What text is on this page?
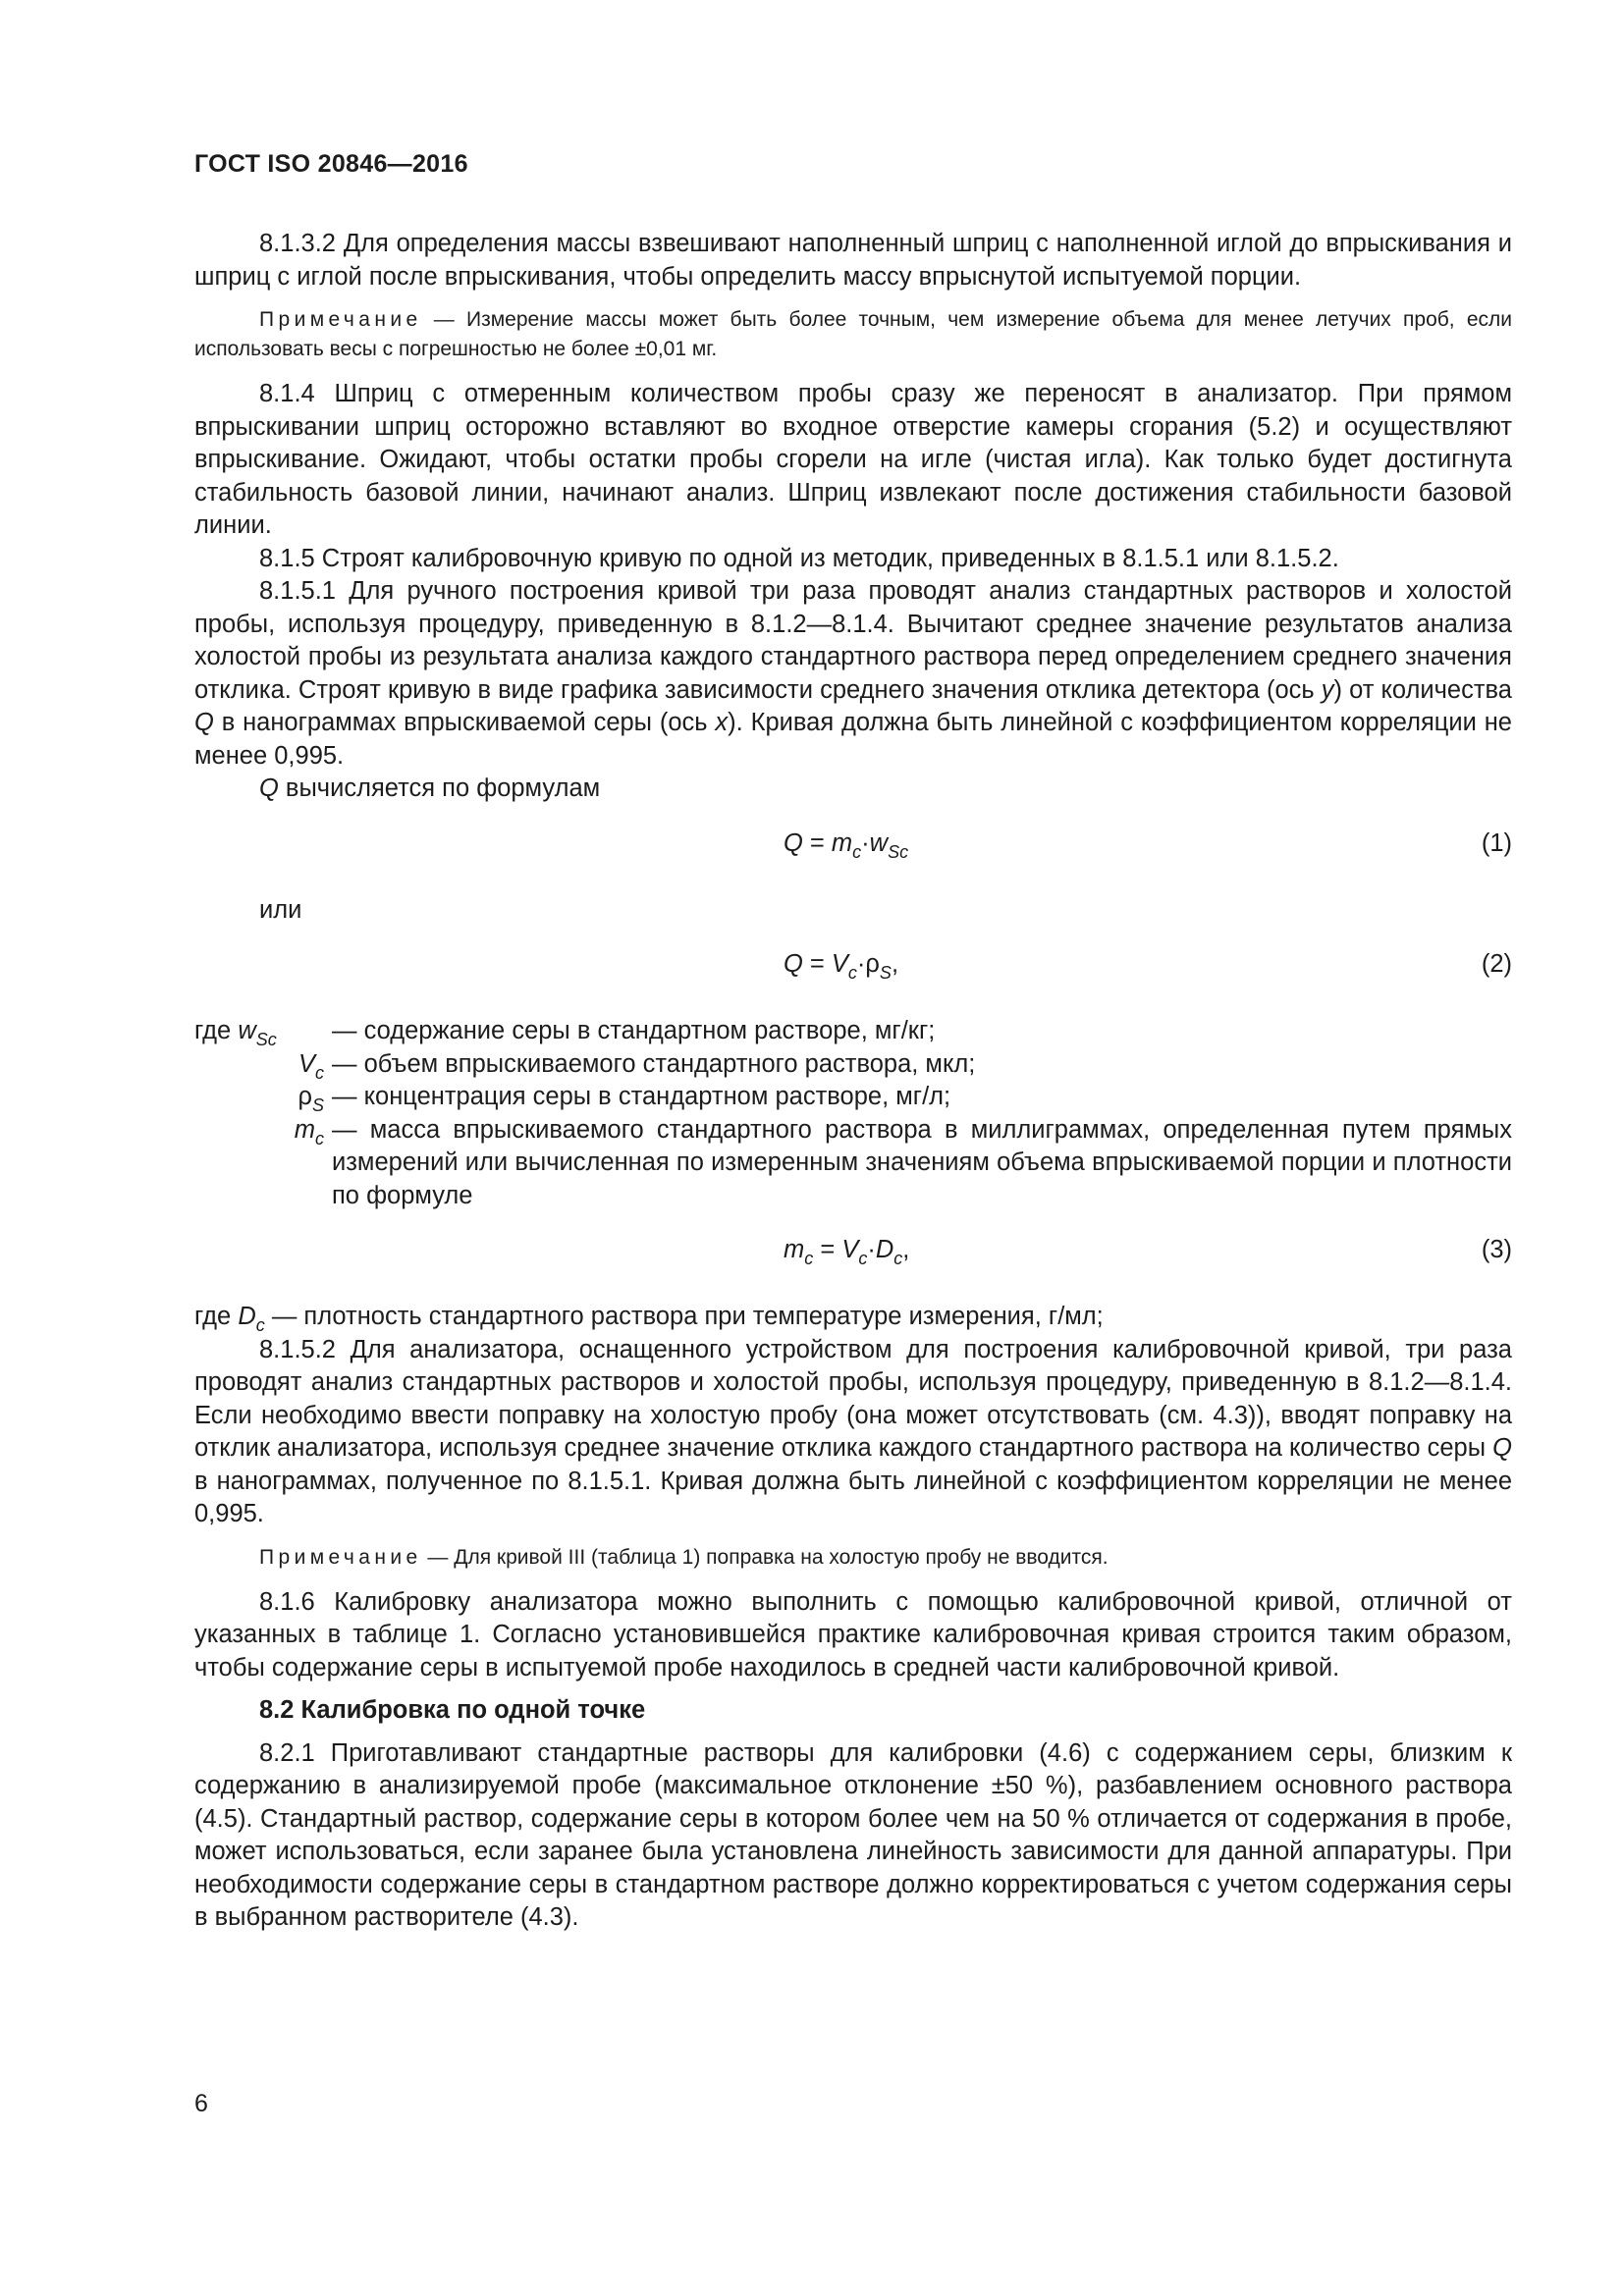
ГОСТ ISO 20846—2016

8.1.3.2 Для определения массы взвешивают наполненный шприц с наполненной иглой до впрыскивания и шприц с иглой после впрыскивания, чтобы определить массу впрыснутой испытуемой порции.

Примечание — Измерение массы может быть более точным, чем измерение объема для менее летучих проб, если использовать весы с погрешностью не более ±0,01 мг.

8.1.4 Шприц с отмеренным количеством пробы сразу же переносят в анализатор. При прямом впрыскивании шприц осторожно вставляют во входное отверстие камеры сгорания (5.2) и осуществляют впрыскивание. Ожидают, чтобы остатки пробы сгорели на игле (чистая игла). Как только будет достигнута стабильность базовой линии, начинают анализ. Шприц извлекают после достижения стабильности базовой линии.

8.1.5 Строят калибровочную кривую по одной из методик, приведенных в 8.1.5.1 или 8.1.5.2.

8.1.5.1 Для ручного построения кривой три раза проводят анализ стандартных растворов и холостой пробы, используя процедуру, приведенную в 8.1.2—8.1.4. Вычитают среднее значение результатов анализа холостой пробы из результата анализа каждого стандартного раствора перед определением среднего значения отклика. Строят кривую в виде графика зависимости среднего значения отклика детектора (ось y) от количества Q в нанограммах впрыскиваемой серы (ось x). Кривая должна быть линейной с коэффициентом корреляции не менее 0,995.

Q вычисляется по формулам

$Q = m_c\cdot w_{Sc}$	(1)
или
$Q = V_c\cdot\rho_S$,	(2)
где $w_{Sc}$	— содержание серы в стандартном растворе, мг/кг;
$V_c$ — объем впрыскиваемого стандартного раствора, мкл;
$\rho_S$ — концентрация серы в стандартном растворе, мг/л;
$m_c$ — масса впрыскиваемого стандартного раствора в миллиграммах, определенная путем прямых измерений или вычисленная по измеренным значениям объема впрыскиваемой порции и плотности по формуле
$m_c = V_c\cdot D_c$,	(3)

где $D_c$ — плотность стандартного раствора при температуре измерения, г/мл;

8.1.5.2 Для анализатора, оснащенного устройством для построения калибровочной кривой, три раза проводят анализ стандартных растворов и холостой пробы, используя процедуру, приведенную в 8.1.2—8.1.4. Если необходимо ввести поправку на холостую пробу (она может отсутствовать (см. 4.3)), вводят поправку на отклик анализатора, используя среднее значение отклика каждого стандартного раствора на количество серы Q в нанограммах, полученное по 8.1.5.1. Кривая должна быть линейной с коэффициентом корреляции не менее 0,995.

Примечание — Для кривой III (таблица 1) поправка на холостую пробу не вводится.

8.1.6 Калибровку анализатора можно выполнить с помощью калибровочной кривой, отличной от указанных в таблице 1. Согласно установившейся практике калибровочная кривая строится таким образом, чтобы содержание серы в испытуемой пробе находилось в средней части калибровочной кривой.

8.2 Калибровка по одной точке

8.2.1 Приготавливают стандартные растворы для калибровки (4.6) с содержанием серы, близким к содержанию в анализируемой пробе (максимальное отклонение ±50 %), разбавлением основного раствора (4.5). Стандартный раствор, содержание серы в котором более чем на 50 % отличается от содержания в пробе, может использоваться, если заранее была установлена линейность зависимости для данной аппаратуры. При необходимости содержание серы в стандартном растворе должно корректироваться с учетом содержания серы в выбранном растворителе (4.3).

6
